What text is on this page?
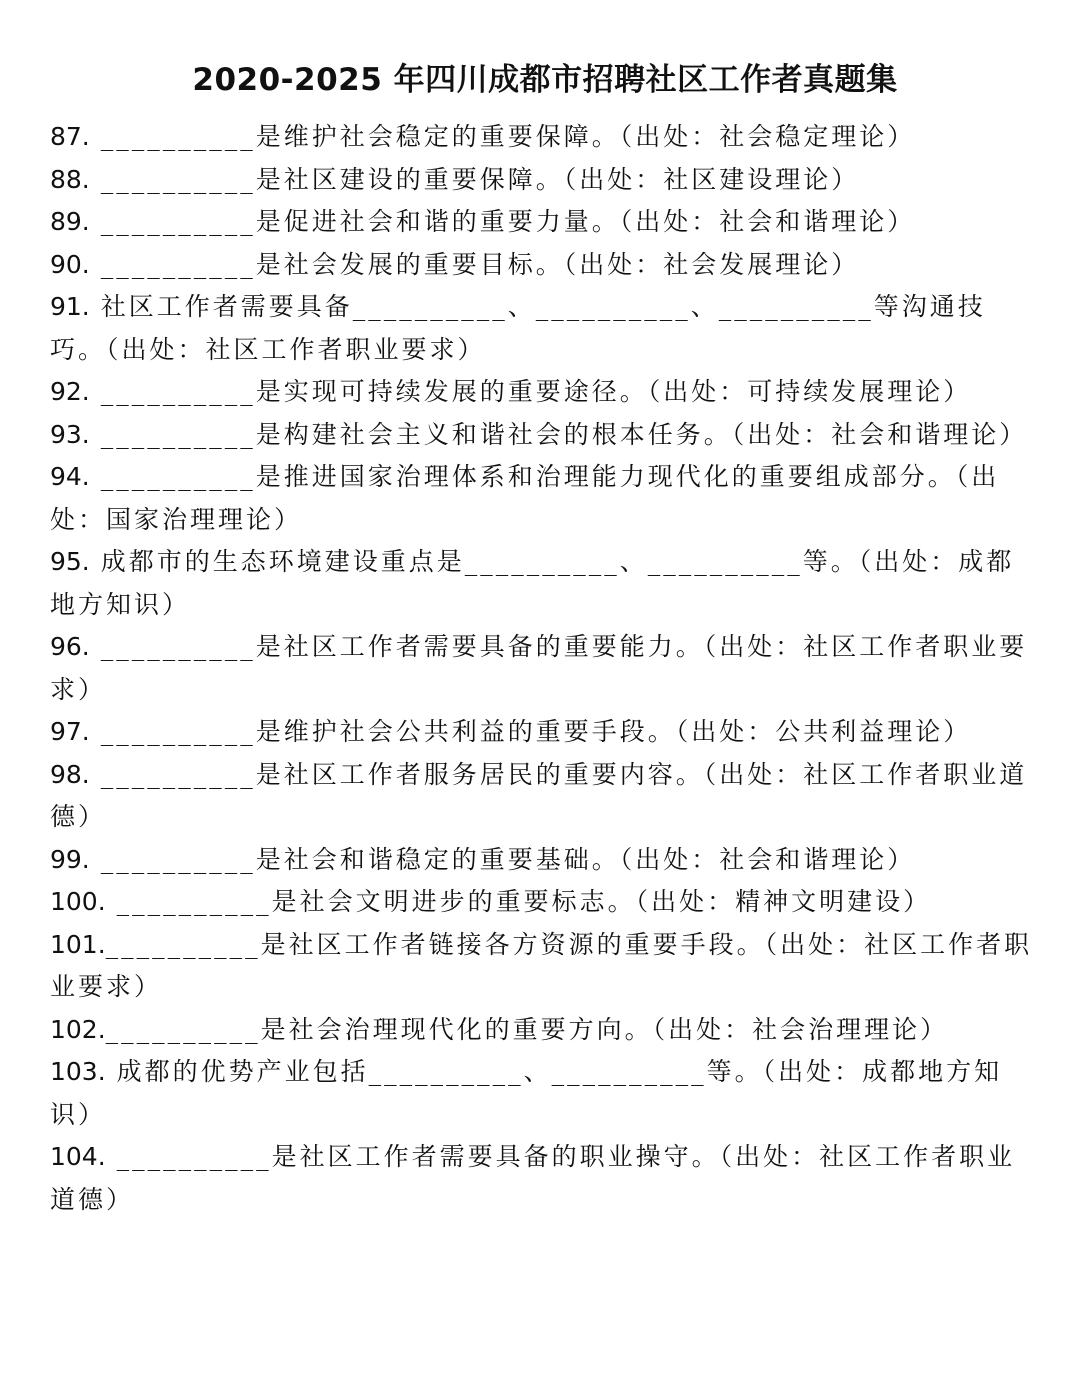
2020-2025 年四川成都市招聘社区工作者真题集

87. __________是维护社会稳定的重要保障。（出处：社会稳定理论）

88. __________是社区建设的重要保障。（出处：社区建设理论）

89. __________是促进社会和谐的重要力量。（出处：社会和谐理论）

90. __________是社会发展的重要目标。（出处：社会发展理论）

91. 社区工作者需要具备__________、__________、__________等沟通技巧。（出处：社区工作者职业要求）

92. __________是实现可持续发展的重要途径。（出处：可持续发展理论）

93. __________是构建社会主义和谐社会的根本任务。（出处：社会和谐理论）

94. __________是推进国家治理体系和治理能力现代化的重要组成部分。（出处：国家治理理论）

95. 成都市的生态环境建设重点是__________、__________等。（出处：成都地方知识）

96. __________是社区工作者需要具备的重要能力。（出处：社区工作者职业要求）

97. __________是维护社会公共利益的重要手段。（出处：公共利益理论）

98. __________是社区工作者服务居民的重要内容。（出处：社区工作者职业道德）

99. __________是社会和谐稳定的重要基础。（出处：社会和谐理论）

100. __________是社会文明进步的重要标志。（出处：精神文明建设）

101.__________是社区工作者链接各方资源的重要手段。（出处：社区工作者职业要求）

102.__________是社会治理现代化的重要方向。（出处：社会治理理论）

103. 成都的优势产业包括__________、__________等。（出处：成都地方知识）

104. __________是社区工作者需要具备的职业操守。（出处：社区工作者职业道德）
